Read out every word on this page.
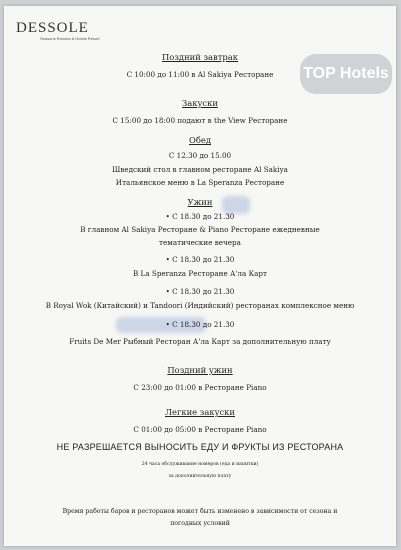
DESSOLE
Seasons Resorts & Hotels Resort
TOP Hotels
Поздний завтрак
С 10:00 до 11:00 в Al Sakiya Ресторане
Закуски
С 15:00 до 18:00 подают в the View Ресторане
Обед
С 12.30 до 15.00
Шведский стол в главном ресторане Al Sakiya
Итальянское меню в La Speranza Ресторане
Ужин
• С 18.30 до 21.30
В главном Al Sakiya Ресторане & Piano Ресторане ежедневные
тематические вечера
• С 18.30 до 21.30
В La Speranza Ресторане А'ла Карт
• С 18.30 до 21.30
В Royal Wok (Китайский) и Tandoori (Индийский) ресторанах комплексное меню
• С 18.30 до 21.30
Fruits De Mer Рыбный Ресторан А'ла Карт за дополнительную плату
Поздний ужин
С 23:00 до 01:00 в Ресторане Piano
Легкие закуски
С 01:00 до 05:00 в Ресторане Piano
НЕ РАЗРЕШАЕТСЯ ВЫНОСИТЬ ЕДУ И ФРУКТЫ ИЗ РЕСТОРАНА
24 часа обслуживание номеров (еда и напитки)
за дополнительную плату
Время работы баров и ресторанов может быть изменено в зависимости от сезона и
погодных условий
